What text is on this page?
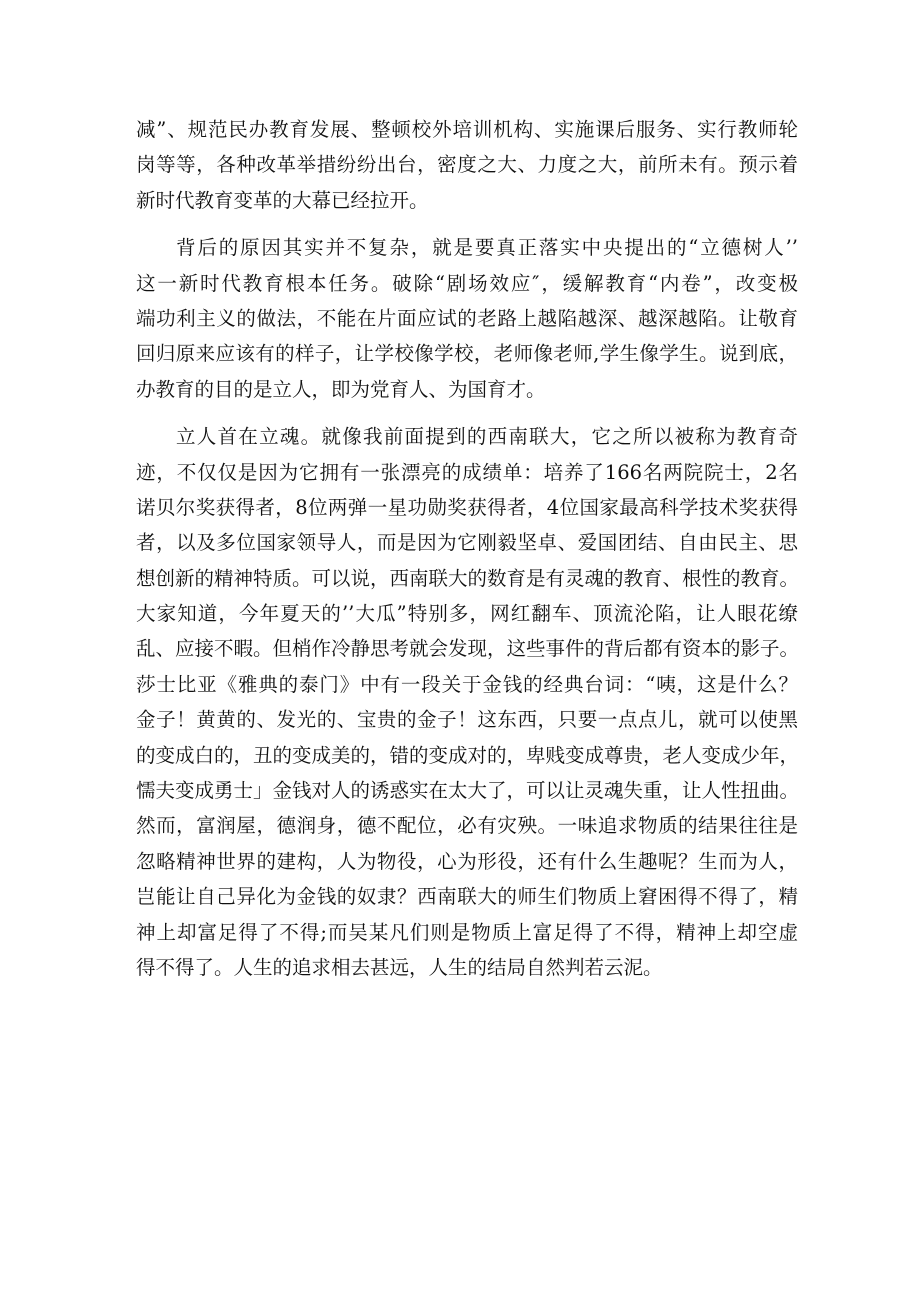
减”、规范民办教育发展、整顿校外培训机构、实施课后服务、实行教师轮
岗等等，各种改革举措纷纷出台，密度之大、力度之大，前所未有。预示着
新时代教育变革的大幕已经拉开。
背后的原因其实并不复杂，就是要真正落实中央提出的“立德树人’’
这一新时代教育根本任务。破除“剧场效应″，缓解教育“内卷”，改变极
端功利主义的做法，不能在片面应试的老路上越陷越深、越深越陷。让敬育
回归原来应该有的样子，让学校像学校，老师像老师,学生像学生。说到底，
办教育的目的是立人，即为党育人、为国育才。
立人首在立魂。就像我前面提到的西南联大，它之所以被称为教育奇
迹，不仅仅是因为它拥有一张漂亮的成绩单：培养了166名两院院士，2名
诺贝尔奖获得者，8位两弹一星功勋奖获得者，4位国家最高科学技术奖获得
者，以及多位国家领导人，而是因为它刚毅坚卓、爱国团结、自由民主、思
想创新的精神特质。可以说，西南联大的数育是有灵魂的教育、根性的教育。
大家知道，今年夏天的’’大瓜”特别多，网红翻车、顶流沦陷，让人眼花缭
乱、应接不暇。但梢作冷静思考就会发现，这些事件的背后都有资本的影子。
莎士比亚《雅典的泰门》中有一段关于金钱的经典台词：“咦，这是什么？
金子！黄黄的、发光的、宝贵的金子！这东西，只要一点点儿，就可以使黑
的变成白的，丑的变成美的，错的变成对的，卑贱变成尊贵，老人变成少年，
懦夫变成勇士」金钱对人的诱惑实在太大了，可以让灵魂失重，让人性扭曲。
然而，富润屋，德润身，德不配位，必有灾殃。一味追求物质的结果往往是
忽略精神世界的建构，人为物役，心为形役，还有什么生趣呢？生而为人，
岂能让自己异化为金钱的奴隶？西南联大的师生们物质上窘困得不得了，精
神上却富足得了不得;而吴某凡们则是物质上富足得了不得，精神上却空虚
得不得了。人生的追求相去甚远，人生的结局自然判若云泥。
